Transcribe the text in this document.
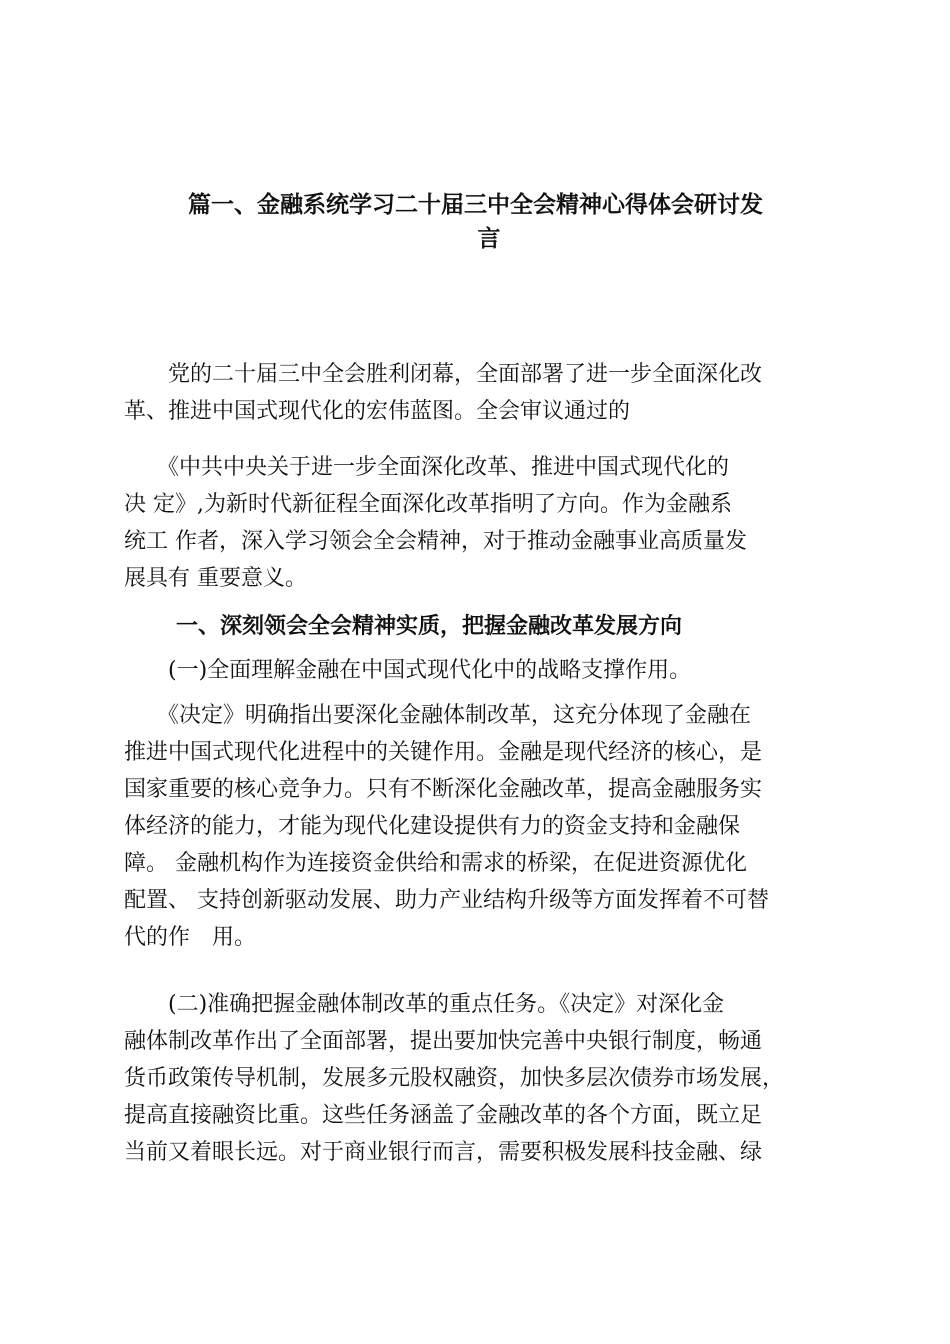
篇一、金融系统学习二十届三中全会精神心得体会研讨发
言
　　党的二十届三中全会胜利闭幕，全面部署了进一步全面深化改
革、推进中国式现代化的宏伟蓝图。全会审议通过的
　　《中共中央关于进一步全面深化改革、推进中国式现代化的
决 定》,为新时代新征程全面深化改革指明了方向。作为金融系
统工 作者，深入学习领会全会精神，对于推动金融事业高质量发
展具有 重要意义。
一、深刻领会全会精神实质，把握金融改革发展方向
　　(一)全面理解金融在中国式现代化中的战略支撑作用。
　　《决定》明确指出要深化金融体制改革，这充分体现了金融在
推进中国式现代化进程中的关键作用。金融是现代经济的核心，是
国家重要的核心竞争力。只有不断深化金融改革，提高金融服务实
体经济的能力，才能为现代化建设提供有力的资金支持和金融保
障。 金融机构作为连接资金供给和需求的桥梁，在促进资源优化
配置、 支持创新驱动发展、助力产业结构升级等方面发挥着不可替
代的作　用。
　　(二)准确把握金融体制改革的重点任务。《决定》对深化金
融体制改革作出了全面部署，提出要加快完善中央银行制度，畅通
货币政策传导机制，发展多元股权融资，加快多层次债券市场发展，
提高直接融资比重。这些任务涵盖了金融改革的各个方面，既立足
当前又着眼长远。对于商业银行而言，需要积极发展科技金融、绿
